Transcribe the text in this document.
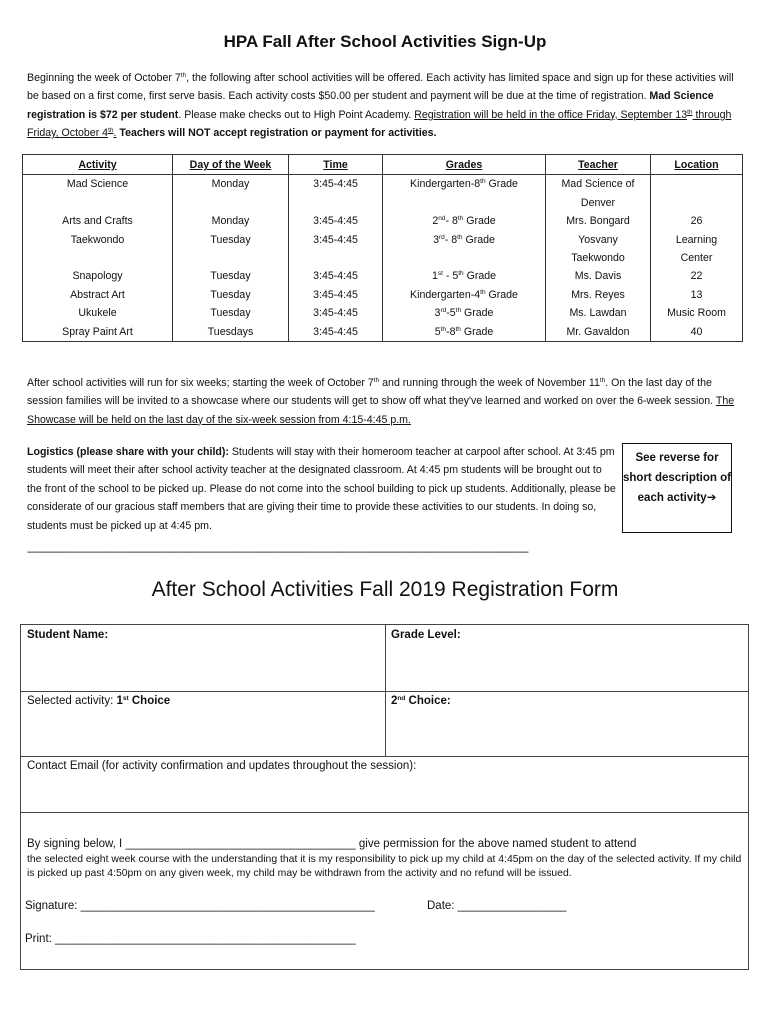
HPA Fall After School Activities Sign-Up
Beginning the week of October 7th, the following after school activities will be offered. Each activity has limited space and sign up for these activities will be based on a first come, first serve basis. Each activity costs $50.00 per student and payment will be due at the time of registration. Mad Science registration is $72 per student. Please make checks out to High Point Academy. Registration will be held in the office Friday, September 13th through Friday, October 4th. Teachers will NOT accept registration or payment for activities.
Activity	Day of the Week	Time	Grades	Teacher	Location
Mad Science	Monday	3:45-4:45	Kindergarten-8th Grade	Mad Science of Denver	
Arts and Crafts	Monday	3:45-4:45	2nd- 8th Grade	Mrs. Bongard	26
Taekwondo	Tuesday	3:45-4:45	3rd- 8th Grade	Yosvany Taekwondo	Learning Center
Snapology	Tuesday	3:45-4:45	1st - 5th Grade	Ms. Davis	22
Abstract Art	Tuesday	3:45-4:45	Kindergarten-4th Grade	Mrs. Reyes	13
Ukukele	Tuesday	3:45-4:45	3rd-5th Grade	Ms. Lawdan	Music Room
Spray Paint Art	Tuesdays	3:45-4:45	5th-8th Grade	Mr. Gavaldon	40
After school activities will run for six weeks; starting the week of October 7th and running through the week of November 11th. On the last day of the session families will be invited to a showcase where our students will get to show off what they've learned and worked on over the 6-week session. The Showcase will be held on the last day of the six-week session from 4:15-4:45 p.m.
Logistics (please share with your child): Students will stay with their homeroom teacher at carpool after school. At 3:45 pm students will meet their after school activity teacher at the designated classroom. At 4:45 pm students will be brought out to the front of the school to be picked up. Please do not come into the school building to pick up students. Additionally, please be considerate of our gracious staff members that are giving their time to provide these activities to our students. In doing so, students must be picked up at 4:45 pm.
See reverse for short description of each activity➔
-----------------------------------------------------------------------------------------------------------------------------------------------------------------------------------------------------------------------
After School Activities Fall 2019 Registration Form
Student Name:	Grade Level:
Selected activity: 1st Choice	2nd Choice:
Contact Email (for activity confirmation and updates throughout the session):
By signing below, I ____________________________________ give permission for the above named student to attend
the selected eight week course with the understanding that it is my responsibility to pick up my child at 4:45pm on the day of the selected activity. If my child is picked up past 4:50pm on any given week, my child may be withdrawn from the activity and no refund will be issued.
Signature: ______________________________________________	Date: _________________
Print: _______________________________________________
